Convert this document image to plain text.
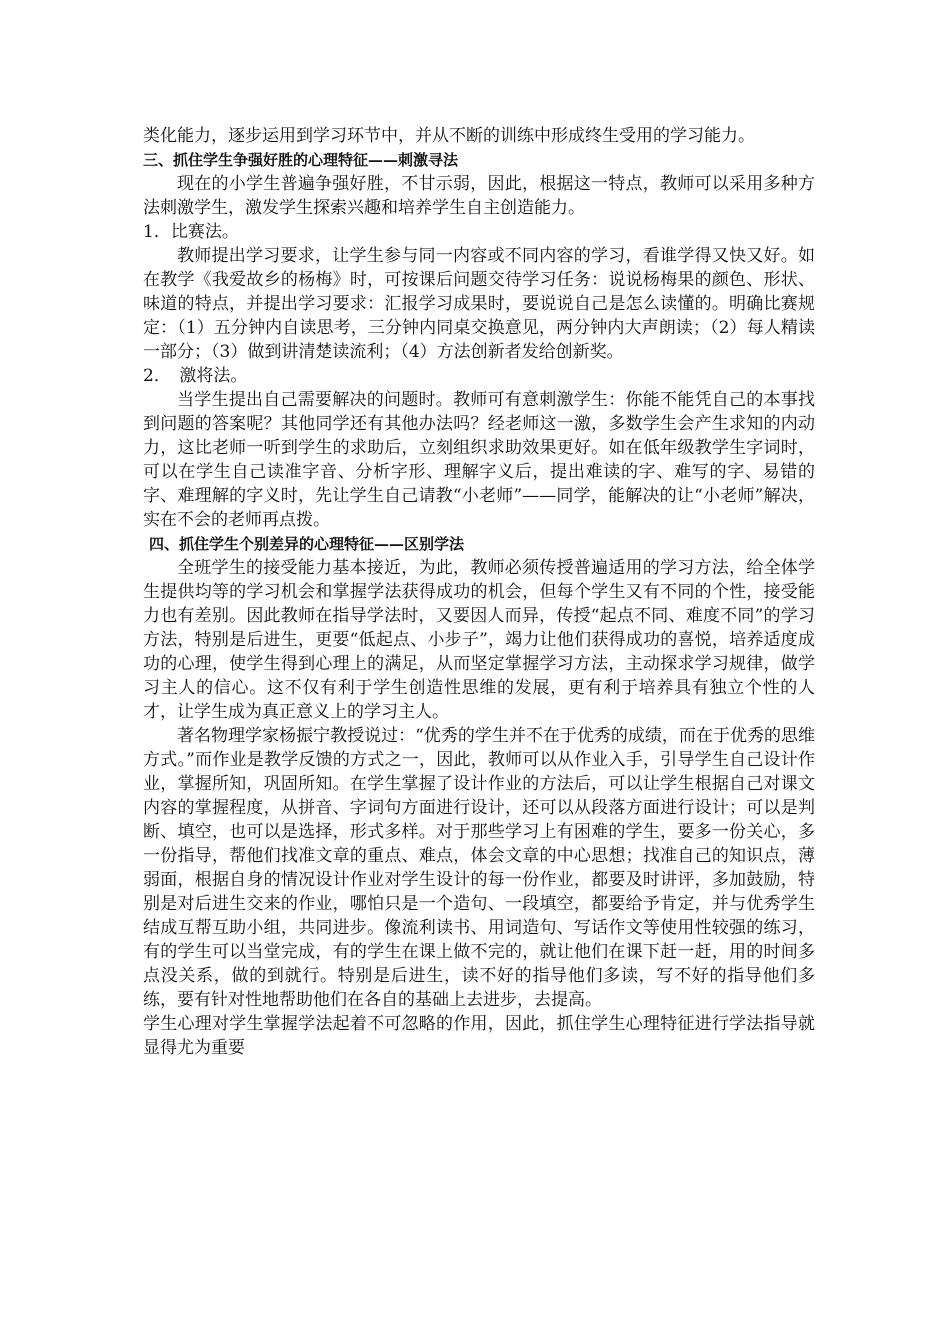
类化能力，逐步运用到学习环节中，并从不断的训练中形成终生受用的学习能力。

三、抓住学生争强好胜的心理特征——刺激寻法

现在的小学生普遍争强好胜，不甘示弱，因此，根据这一特点，教师可以采用多种方法刺激学生，激发学生探索兴趣和培养学生自主创造能力。

1．比赛法。

教师提出学习要求，让学生参与同一内容或不同内容的学习，看谁学得又快又好。如在教学《我爱故乡的杨梅》时，可按课后问题交待学习任务：说说杨梅果的颜色、形状、味道的特点，并提出学习要求：汇报学习成果时，要说说自己是怎么读懂的。明确比赛规定：（1）五分钟内自读思考，三分钟内同桌交换意见，两分钟内大声朗读；（2）每人精读一部分；（3）做到讲清楚读流利；（4）方法创新者发给创新奖。

2．　激将法。

当学生提出自己需要解决的问题时。教师可有意刺激学生：你能不能凭自己的本事找到问题的答案呢？其他同学还有其他办法吗？经老师这一激，多数学生会产生求知的内动力，这比老师一听到学生的求助后，立刻组织求助效果更好。如在低年级教学生字词时，可以在学生自己读准字音、分析字形、理解字义后，提出难读的字、难写的字、易错的字、难理解的字义时，先让学生自己请教“小老师”——同学，能解决的让“小老师”解决，实在不会的老师再点拨。

四、抓住学生个别差异的心理特征——区别学法

全班学生的接受能力基本接近，为此，教师必须传授普遍适用的学习方法，给全体学生提供均等的学习机会和掌握学法获得成功的机会，但每个学生又有不同的个性，接受能力也有差别。因此教师在指导学法时，又要因人而异，传授“起点不同、难度不同”的学习方法，特别是后进生，更要“低起点、小步子”，竭力让他们获得成功的喜悦，培养适度成功的心理，使学生得到心理上的满足，从而坚定掌握学习方法，主动探求学习规律，做学习主人的信心。这不仅有利于学生创造性思维的发展，更有利于培养具有独立个性的人才，让学生成为真正意义上的学习主人。

著名物理学家杨振宁教授说过：“优秀的学生并不在于优秀的成绩，而在于优秀的思维方式。”而作业是教学反馈的方式之一，因此，教师可以从作业入手，引导学生自己设计作业，掌握所知，巩固所知。在学生掌握了设计作业的方法后，可以让学生根据自己对课文内容的掌握程度，从拼音、字词句方面进行设计，还可以从段落方面进行设计；可以是判断、填空，也可以是选择，形式多样。对于那些学习上有困难的学生，要多一份关心，多一份指导，帮他们找准文章的重点、难点，体会文章的中心思想；找准自己的知识点，薄弱面，根据自身的情况设计作业对学生设计的每一份作业，都要及时讲评，多加鼓励，特别是对后进生交来的作业，哪怕只是一个造句、一段填空，都要给予肯定，并与优秀学生结成互帮互助小组，共同进步。像流利读书、用词造句、写话作文等使用性较强的练习，有的学生可以当堂完成，有的学生在课上做不完的，就让他们在课下赶一赶，用的时间多点没关系，做的到就行。特别是后进生，读不好的指导他们多读，写不好的指导他们多练，要有针对性地帮助他们在各自的基础上去进步，去提高。

学生心理对学生掌握学法起着不可忽略的作用，因此，抓住学生心理特征进行学法指导就显得尤为重要
